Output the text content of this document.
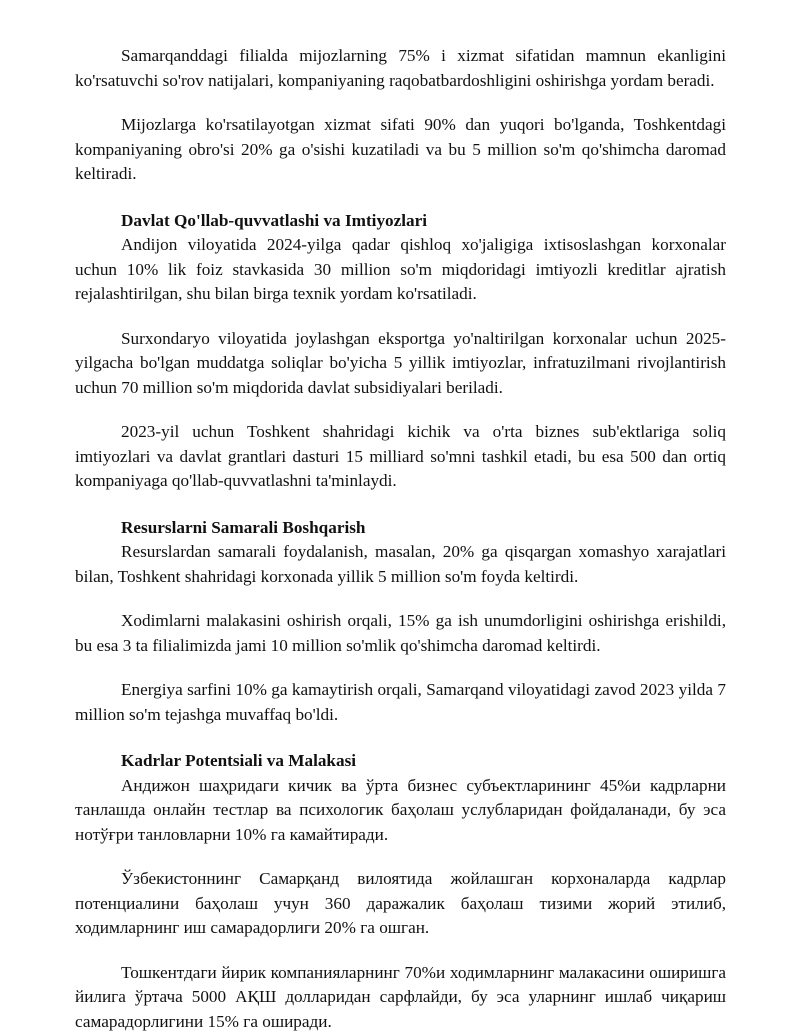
Samarqanddagi filialda mijozlarning 75% i xizmat sifatidan mamnun ekanligini ko'rsatuvchi so'rov natijalari, kompaniyaning raqobatbardoshligini oshirishga yordam beradi.

Mijozlarga ko'rsatilayotgan xizmat sifati 90% dan yuqori bo'lganda, Toshkentdagi kompaniyaning obro'si 20% ga o'sishi kuzatiladi va bu 5 million so'm qo'shimcha daromad keltiradi.

Davlat Qo'llab-quvvatlashi va Imtiyozlari

Andijon viloyatida 2024-yilga qadar qishloq xo'jaligiga ixtisoslashgan korxonalar uchun 10% lik foiz stavkasida 30 million so'm miqdoridagi imtiyozli kreditlar ajratish rejalashtirilgan, shu bilan birga texnik yordam ko'rsatiladi.

Surxondaryo viloyatida joylashgan eksportga yo'naltirilgan korxonalar uchun 2025-yilgacha bo'lgan muddatga soliqlar bo'yicha 5 yillik imtiyozlar, infratuzilmani rivojlantirish uchun 70 million so'm miqdorida davlat subsidiyalari beriladi.

2023-yil uchun Toshkent shahridagi kichik va o'rta biznes sub'ektlariga soliq imtiyozlari va davlat grantlari dasturi 15 milliard so'mni tashkil etadi, bu esa 500 dan ortiq kompaniyaga qo'llab-quvvatlashni ta'minlaydi.

Resurslarni Samarali Boshqarish

Resurslardan samarali foydalanish, masalan, 20% ga qisqargan xomashyo xarajatlari bilan, Toshkent shahridagi korxonada yillik 5 million so'm foyda keltirdi.

Xodimlarni malakasini oshirish orqali, 15% ga ish unumdorligini oshirishga erishildi, bu esa 3 ta filialimizda jami 10 million so'mlik qo'shimcha daromad keltirdi.

Energiya sarfini 10% ga kamaytirish orqali, Samarqand viloyatidagi zavod 2023 yilda 7 million so'm tejashga muvaffaq bo'ldi.

Kadrlar Potentsiali va Malakasi

Андижон шаҳридаги кичик ва ўрта бизнес субъектларининг 45%и кадрларни танлашда онлайн тестлар ва психологик баҳолаш услубларидан фойдаланади, бу эса нотўғри танловларни 10% га камайтиради.

Ўзбекистоннинг Самарқанд вилоятида жойлашган корхоналарда кадрлар потенциалини баҳолаш учун 360 даражалик баҳолаш тизими жорий этилиб, ходимларнинг иш самарадорлиги 20% га ошган.

Тошкентдаги йирик компанияларнинг 70%и ходимларнинг малакасини оширишга йилига ўртача 5000 АҚШ долларидан сарфлайди, бу эса уларнинг ишлаб чиқариш самарадорлигини 15% га оширади.
